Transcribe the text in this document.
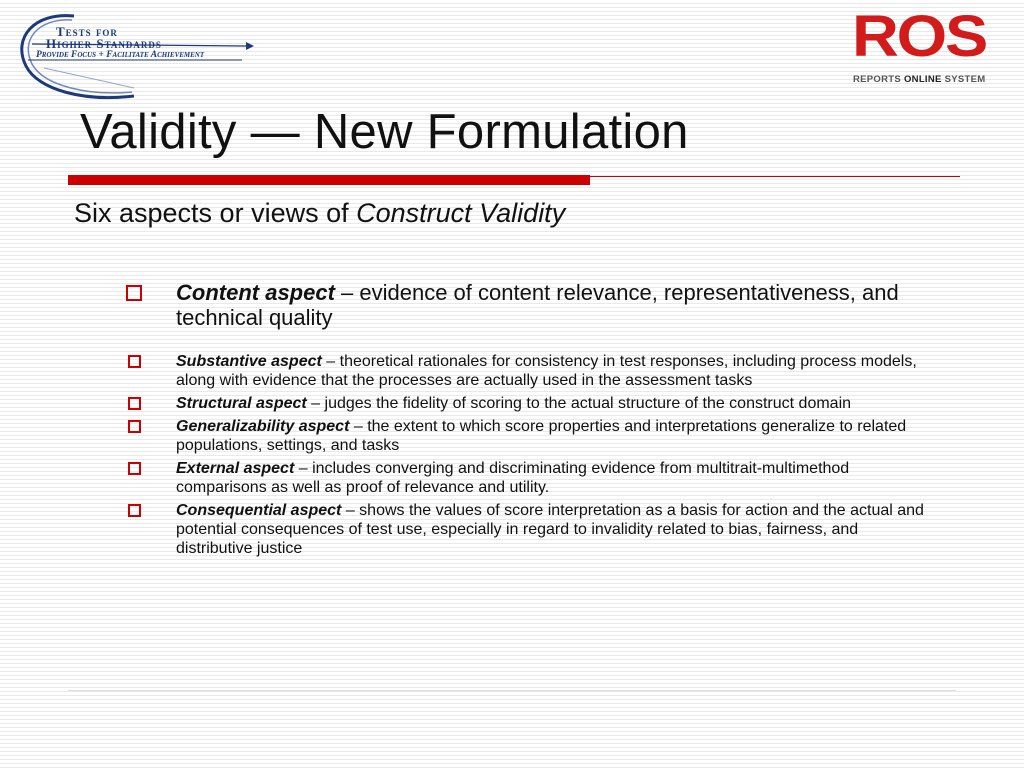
Tests for
Higher Standards
Provide Focus + Facilitate Achievement	ROS
REPORTS ONLINE SYSTEM
Validity — New Formulation
Six aspects or views of Construct Validity
Content aspect – evidence of content relevance, representativeness, and technical quality
Substantive aspect – theoretical rationales for consistency in test responses, including process models, along with evidence that the processes are actually used in the assessment tasks
Structural aspect – judges the fidelity of scoring to the actual structure of the construct domain
Generalizability aspect – the extent to which score properties and interpretations generalize to related populations, settings, and tasks
External aspect – includes converging and discriminating evidence from multitrait-multimethod comparisons as well as proof of relevance and utility.
Consequential aspect – shows the values of score interpretation as a basis for action and the actual and potential consequences of test use, especially in regard to invalidity related to bias, fairness, and distributive justice
